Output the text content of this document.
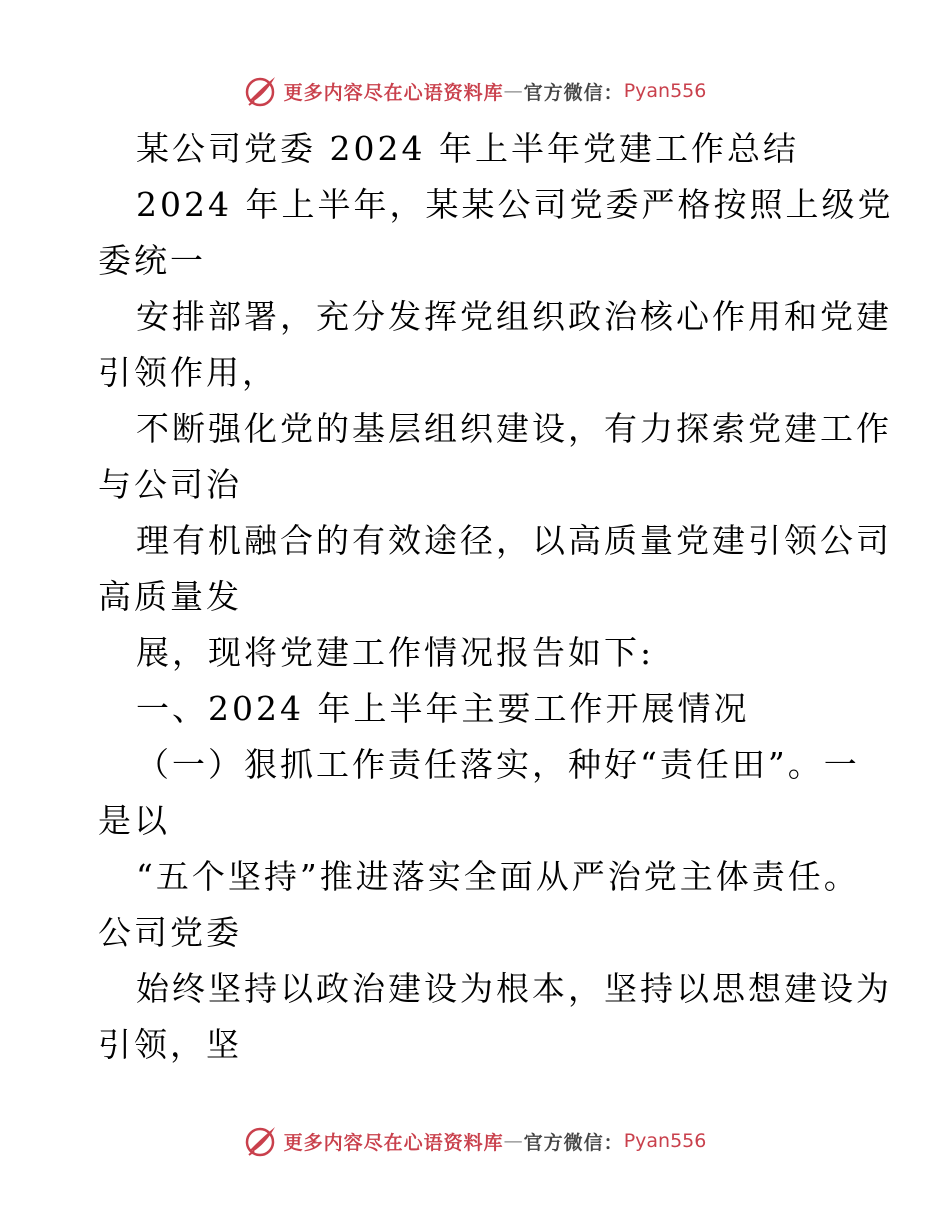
更多内容尽在心语资料库 — 官方微信： Pyan556
某公司党委 2024 年上半年党建工作总结
2024 年上半年，某某公司党委严格按照上级党
委统一
安排部署，充分发挥党组织政治核心作用和党建
引领作用，
不断强化党的基层组织建设，有力探索党建工作
与公司治
理有机融合的有效途径，以高质量党建引领公司
高质量发
展，现将党建工作情况报告如下:
一、2024 年上半年主要工作开展情况
（一）狠抓工作责任落实，种好“责任田”。一
是以
“五个坚持”推进落实全面从严治党主体责任。
公司党委
始终坚持以政治建设为根本，坚持以思想建设为
引领，坚
更多内容尽在心语资料库 — 官方微信： Pyan556
